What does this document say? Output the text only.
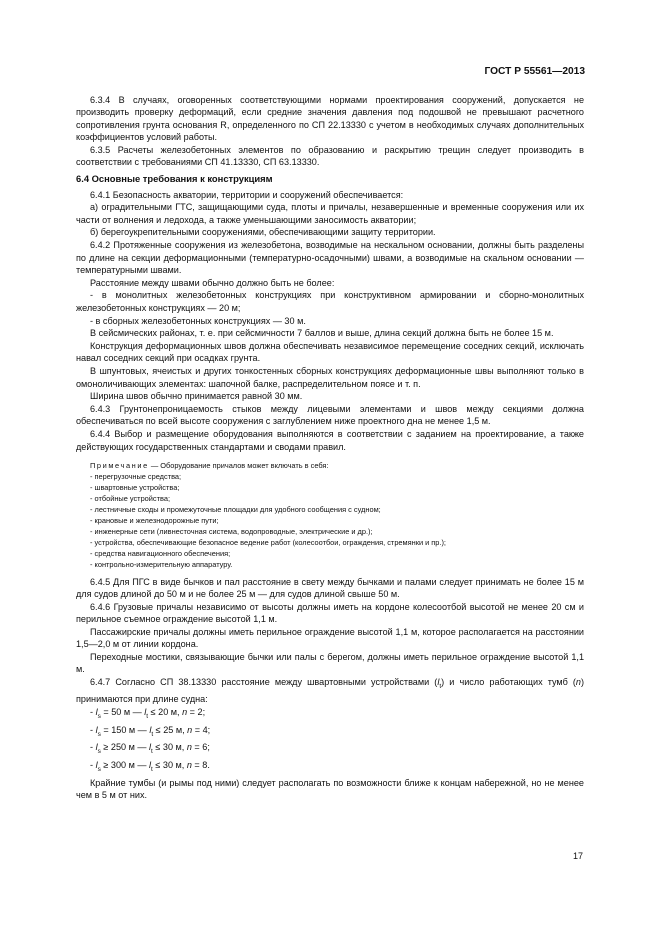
ГОСТ Р 55561—2013

6.3.4 В случаях, оговоренных соответствующими нормами проектирования сооружений, допускается не производить проверку деформаций, если средние значения давления под подошвой не превышают расчетного сопротивления грунта основания R, определенного по СП 22.13330 с учетом в необходимых случаях дополнительных коэффициентов условий работы.

6.3.5 Расчеты железобетонных элементов по образованию и раскрытию трещин следует производить в соответствии с требованиями СП 41.13330, СП 63.13330.

6.4 Основные требования к конструкциям

6.4.1 Безопасность акватории, территории и сооружений обеспечивается:

а) оградительными ГТС, защищающими суда, плоты и причалы, незавершенные и временные сооружения или их части от волнения и ледохода, а также уменьшающими заносимость акватории;

б) берегоукрепительными сооружениями, обеспечивающими защиту территории.

6.4.2 Протяженные сооружения из железобетона, возводимые на нескальном основании, должны быть разделены по длине на секции деформационными (температурно-осадочными) швами, а возводимые на скальном основании — температурными швами.

Расстояние между швами обычно должно быть не более:

- в монолитных железобетонных конструкциях при конструктивном армировании и сборно-монолитных железобетонных конструкциях — 20 м;

- в сборных железобетонных конструкциях — 30 м.

В сейсмических районах, т. е. при сейсмичности 7 баллов и выше, длина секций должна быть не более 15 м.

Конструкция деформационных швов должна обеспечивать независимое перемещение соседних секций, исключать навал соседних секций при осадках грунта.

В шпунтовых, ячеистых и других тонкостенных сборных конструкциях деформационные швы выполняют только в омоноличивающих элементах: шапочной балке, распределительном поясе и т. п.

Ширина швов обычно принимается равной 30 мм.

6.4.3 Грунтонепроницаемость стыков между лицевыми элементами и швов между секциями должна обеспечиваться по всей высоте сооружения с заглублением ниже проектного дна не менее 1,5 м.

6.4.4 Выбор и размещение оборудования выполняются в соответствии с заданием на проектирование, а также действующих государственных стандартами и сводами правил.

Примечание — Оборудование причалов может включать в себя:

- перегрузочные средства;

- швартовные устройства;

- отбойные устройства;

- лестничные сходы и промежуточные площадки для удобного сообщения с судном;

- крановые и железнодорожные пути;

- инженерные сети (ливнесточная система, водопроводные, электрические и др.);

- устройства, обеспечивающие безопасное ведение работ (колесоотбои, ограждения, стремянки и пр.);

- средства навигационного обеспечения;

- контрольно-измерительную аппаратуру.

6.4.5 Для ПГС в виде бычков и пал расстояние в свету между бычками и палами следует принимать не более 15 м для судов длиной до 50 м и не более 25 м — для судов длиной свыше 50 м.

6.4.6 Грузовые причалы независимо от высоты должны иметь на кордоне колесоотбой высотой не менее 20 см и перильное съемное ограждение высотой 1,1 м.

Пассажирские причалы должны иметь перильное ограждение высотой 1,1 м, которое располагается на расстоянии 1,5—2,0 м от линии кордона.

Переходные мостики, связывающие бычки или палы с берегом, должны иметь перильное ограждение высотой 1,1 м.

6.4.7 Согласно СП 38.13330 расстояние между швартовными устройствами $(l_t)$ и число работающих тумб (n) принимаются при длине судна:

- $l_s = 50$ м — $l_t \le 20$ м, n = 2;

- $l_s = 150$ м — $l_t \le 25$ м, n = 4;

- $l_s \ge 250$ м — $l_t \le 30$ м, n = 6;

- $l_s \ge 300$ м — $l_t \le 30$ м, n = 8.

Крайние тумбы (и рымы под ними) следует располагать по возможности ближе к концам набережной, но не менее чем в 5 м от них.

17
